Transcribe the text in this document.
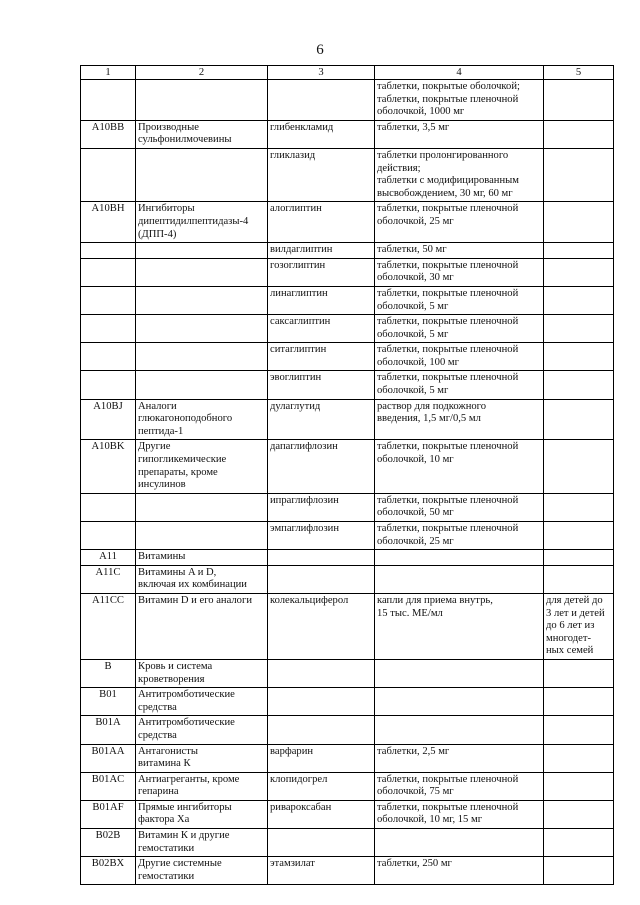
6
1	2	3	4	5

			таблетки, покрытые оболочкой;
таблетки, покрытые пленочной
оболочкой, 1000 мг	

A10BB	Производные
сульфонилмочевины	глибенкламид	таблетки, 3,5 мг	

		гликлазид	таблетки пролонгированного
действия;
таблетки с модифицированным
высвобождением, 30 мг, 60 мг	

A10BH	Ингибиторы
дипептидилпептидазы-4
(ДПП-4)	алоглиптин	таблетки, покрытые пленочной
оболочкой, 25 мг	

		вилдаглиптин	таблетки, 50 мг	

		гозоглиптин	таблетки, покрытые пленочной
оболочкой, 30 мг	

		линаглиптин	таблетки, покрытые пленочной
оболочкой, 5 мг	

		саксаглиптин	таблетки, покрытые пленочной
оболочкой, 5 мг	

		ситаглиптин	таблетки, покрытые пленочной
оболочкой, 100 мг	

		эвоглиптин	таблетки, покрытые пленочной
оболочкой, 5 мг	

A10BJ	Аналоги
глюкагоноподобного
пептида-1	дулаглутид	раствор для подкожного
введения, 1,5 мг/0,5 мл	

A10BK	Другие
гипогликемические
препараты, кроме
инсулинов	дапаглифлозин	таблетки, покрытые пленочной
оболочкой, 10 мг	

		ипраглифлозин	таблетки, покрытые пленочной
оболочкой, 50 мг	

		эмпаглифлозин	таблетки, покрытые пленочной
оболочкой, 25 мг	

A11	Витамины			

A11C	Витамины A и D,
включая их комбинации			

A11CC	Витамин D и его аналоги	колекальциферол	капли для приема внутрь,
15 тыс. МЕ/мл	для детей до
3 лет и детей
до 6 лет из
многодет-
ных семей

B	Кровь и система
кроветворения			

B01	Антитромботические
средства			

B01A	Антитромботические
средства			

B01AA	Антагонисты
витамина К	варфарин	таблетки, 2,5 мг	

B01AC	Антиагреганты, кроме
гепарина	клопидогрел	таблетки, покрытые пленочной
оболочкой, 75 мг	

B01AF	Прямые ингибиторы
фактора Xa	ривароксабан	таблетки, покрытые пленочной
оболочкой, 10 мг, 15 мг	

B02B	Витамин К и другие
гемостатики			

B02BX	Другие системные
гемостатики	этамзилат	таблетки, 250 мг	
